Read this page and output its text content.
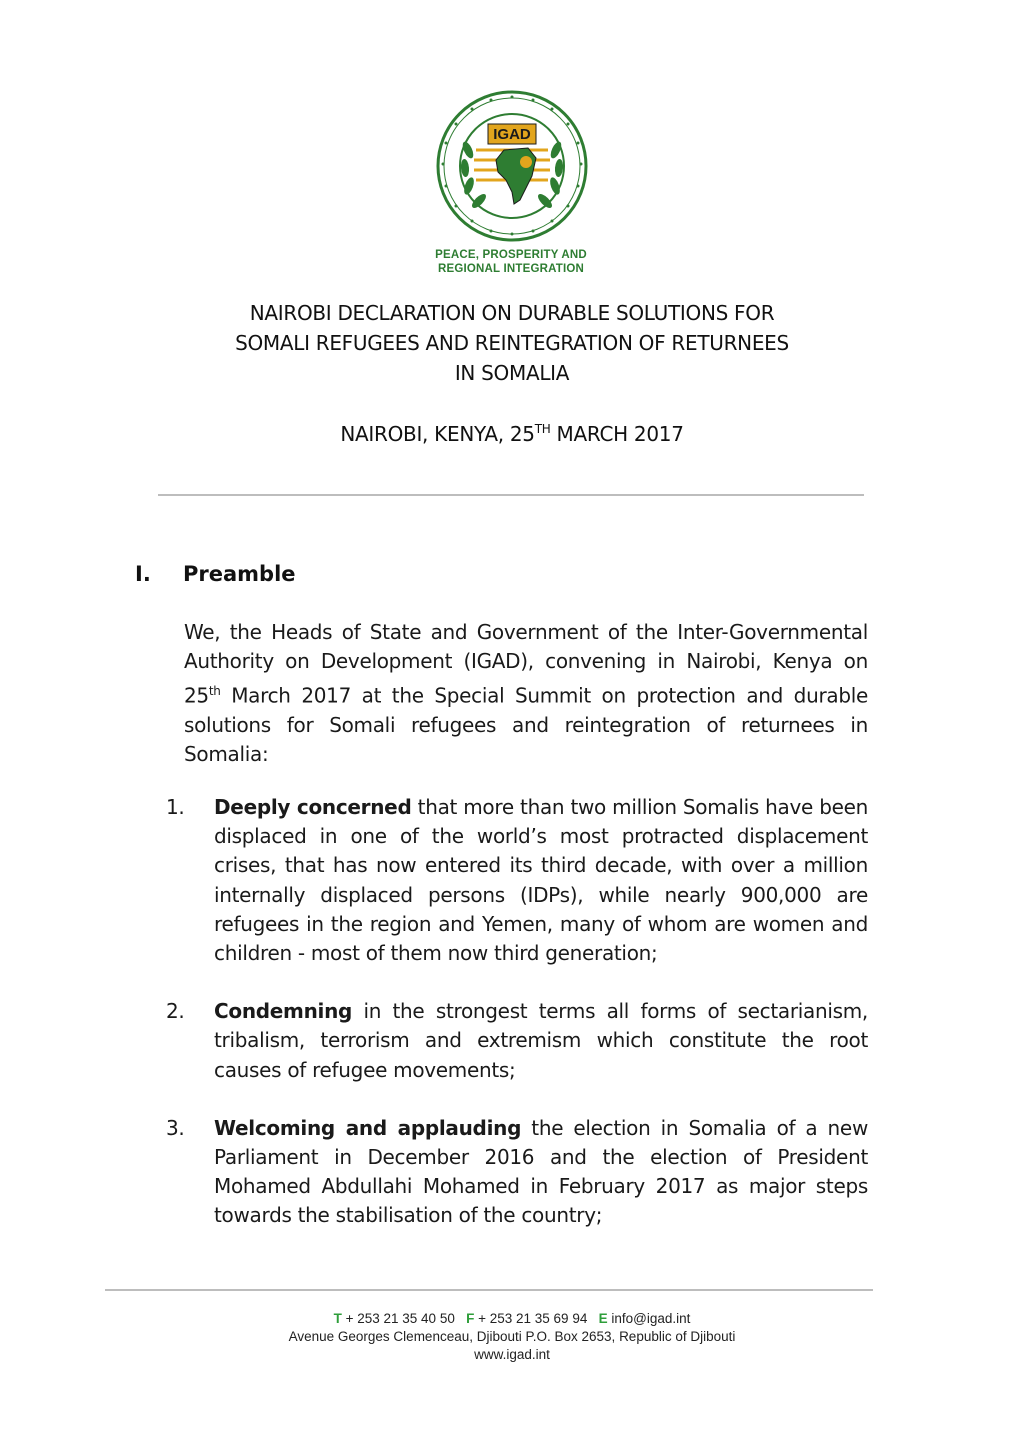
IGAD
PEACE, PROSPERITY AND
REGIONAL INTEGRATION
NAIROBI DECLARATION ON DURABLE SOLUTIONS FOR
SOMALI REFUGEES AND REINTEGRATION OF RETURNEES
IN SOMALIA
NAIROBI, KENYA, 25TH MARCH 2017
I. Preamble
We, the Heads of State and Government of the Inter-Governmental Authority on Development (IGAD), convening in Nairobi, Kenya on 25th March 2017 at the Special Summit on protection and durable solutions for Somali refugees and reintegration of returnees in Somalia:
1. Deeply concerned that more than two million Somalis have been displaced in one of the world’s most protracted displacement crises, that has now entered its third decade, with over a million internally displaced persons (IDPs), while nearly 900,000 are refugees in the region and Yemen, many of whom are women and children - most of them now third generation;
2. Condemning in the strongest terms all forms of sectarianism, tribalism, terrorism and extremism which constitute the root causes of refugee movements;
3. Welcoming and applauding the election in Somalia of a new Parliament in December 2016 and the election of President Mohamed Abdullahi Mohamed in February 2017 as major steps towards the stabilisation of the country;
T + 253 21 35 40 50 F + 253 21 35 69 94 E info@igad.int
Avenue Georges Clemenceau, Djibouti P.O. Box 2653, Republic of Djibouti
www.igad.int
